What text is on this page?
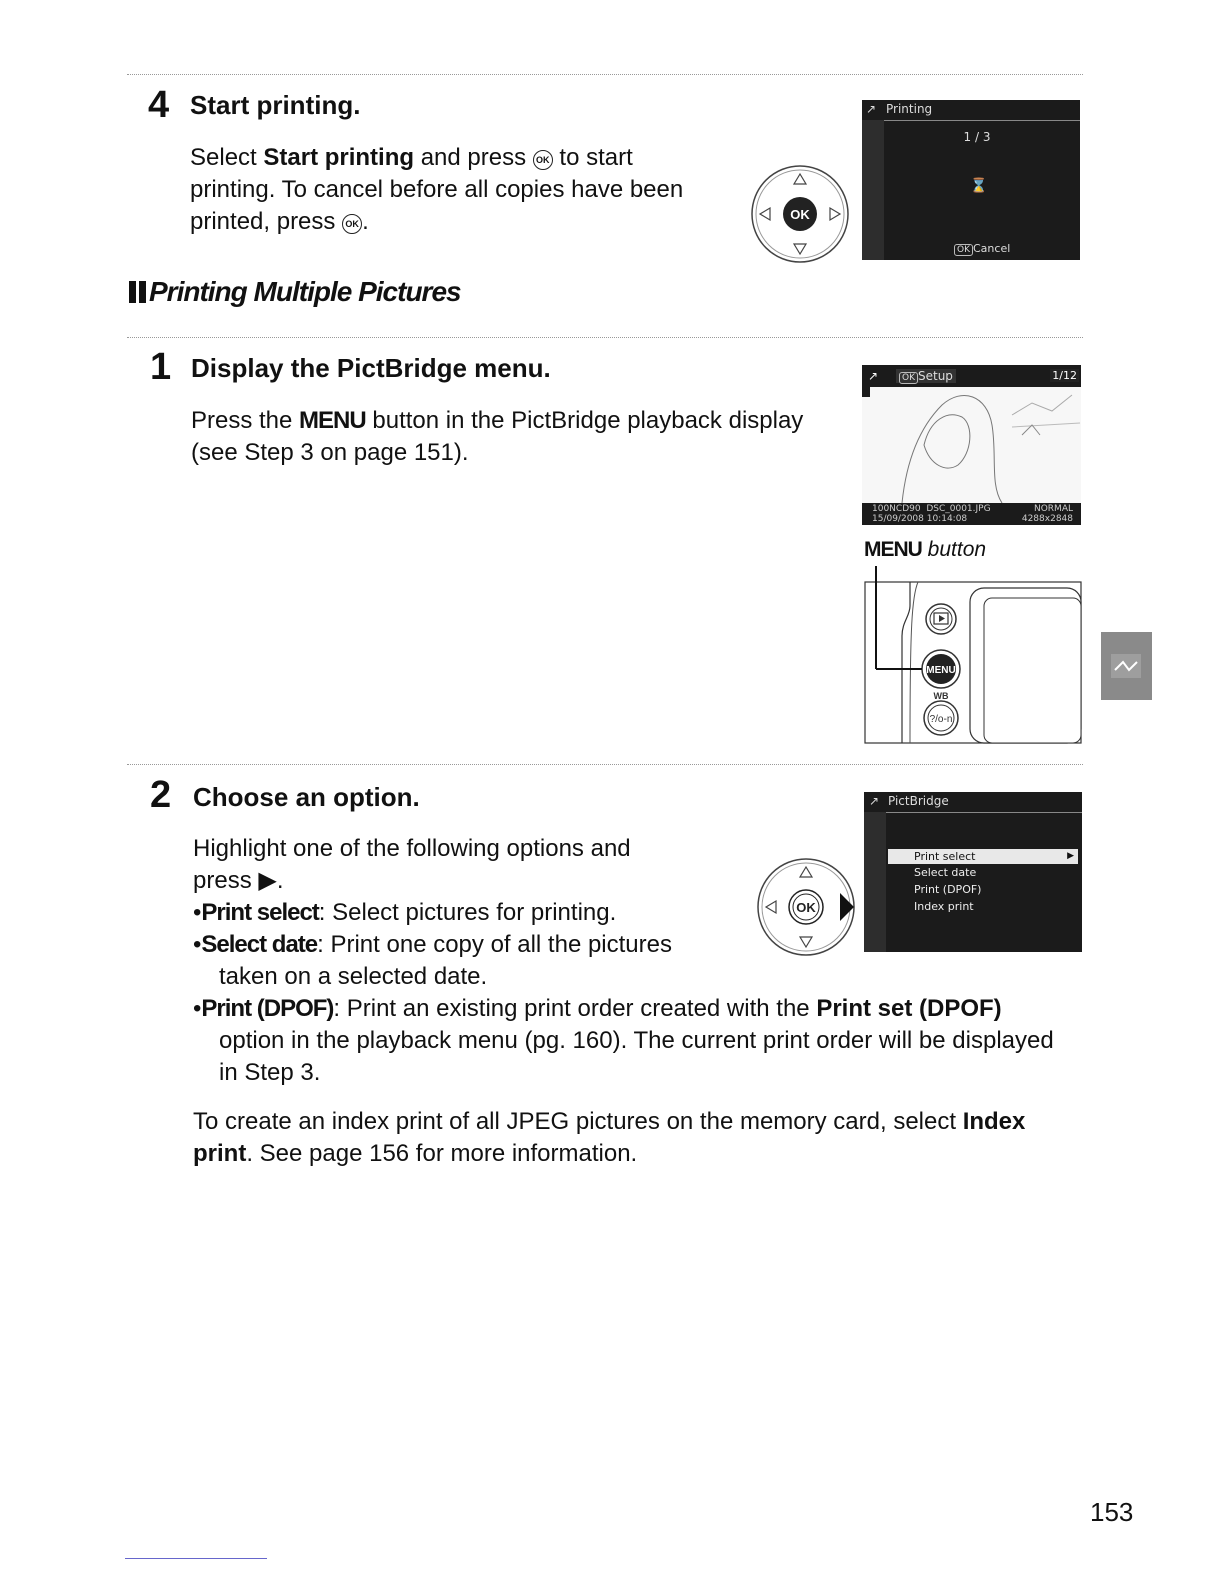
4 Start printing.

Select Start printing and press OK to start

printing. To cancel before all copies have been

printed, press OK .	OK
↗ Printing
1 / 3
⌛
OK Cancel
Printing Multiple Pictures
1 Display the PictBridge menu.

Press the MENU button in the PictBridge playback display

(see Step 3 on page 151).

↗	OK Setup	1/12
100NCD90 DSC_0001.JPG	NORMAL
15/09/2008 10:14:08	4288x2848
MENU button
MENU
WB
?/o-n
2 Choose an option.

Highlight one of the following options and

press ▶.

•Print select: Select pictures for printing.

•Select date: Print one copy of all the pictures taken on a selected date.

•Print (DPOF): Print an existing print order created with the Print set (DPOF) option in the playback menu (pg. 160). The current print order will be displayed in Step 3.

To create an index print of all JPEG pictures on the memory card, select Index print. See page 156 for more information.

OK
↗ PictBridge
Print select	▶
Select date
Print (DPOF)
Index print
153
